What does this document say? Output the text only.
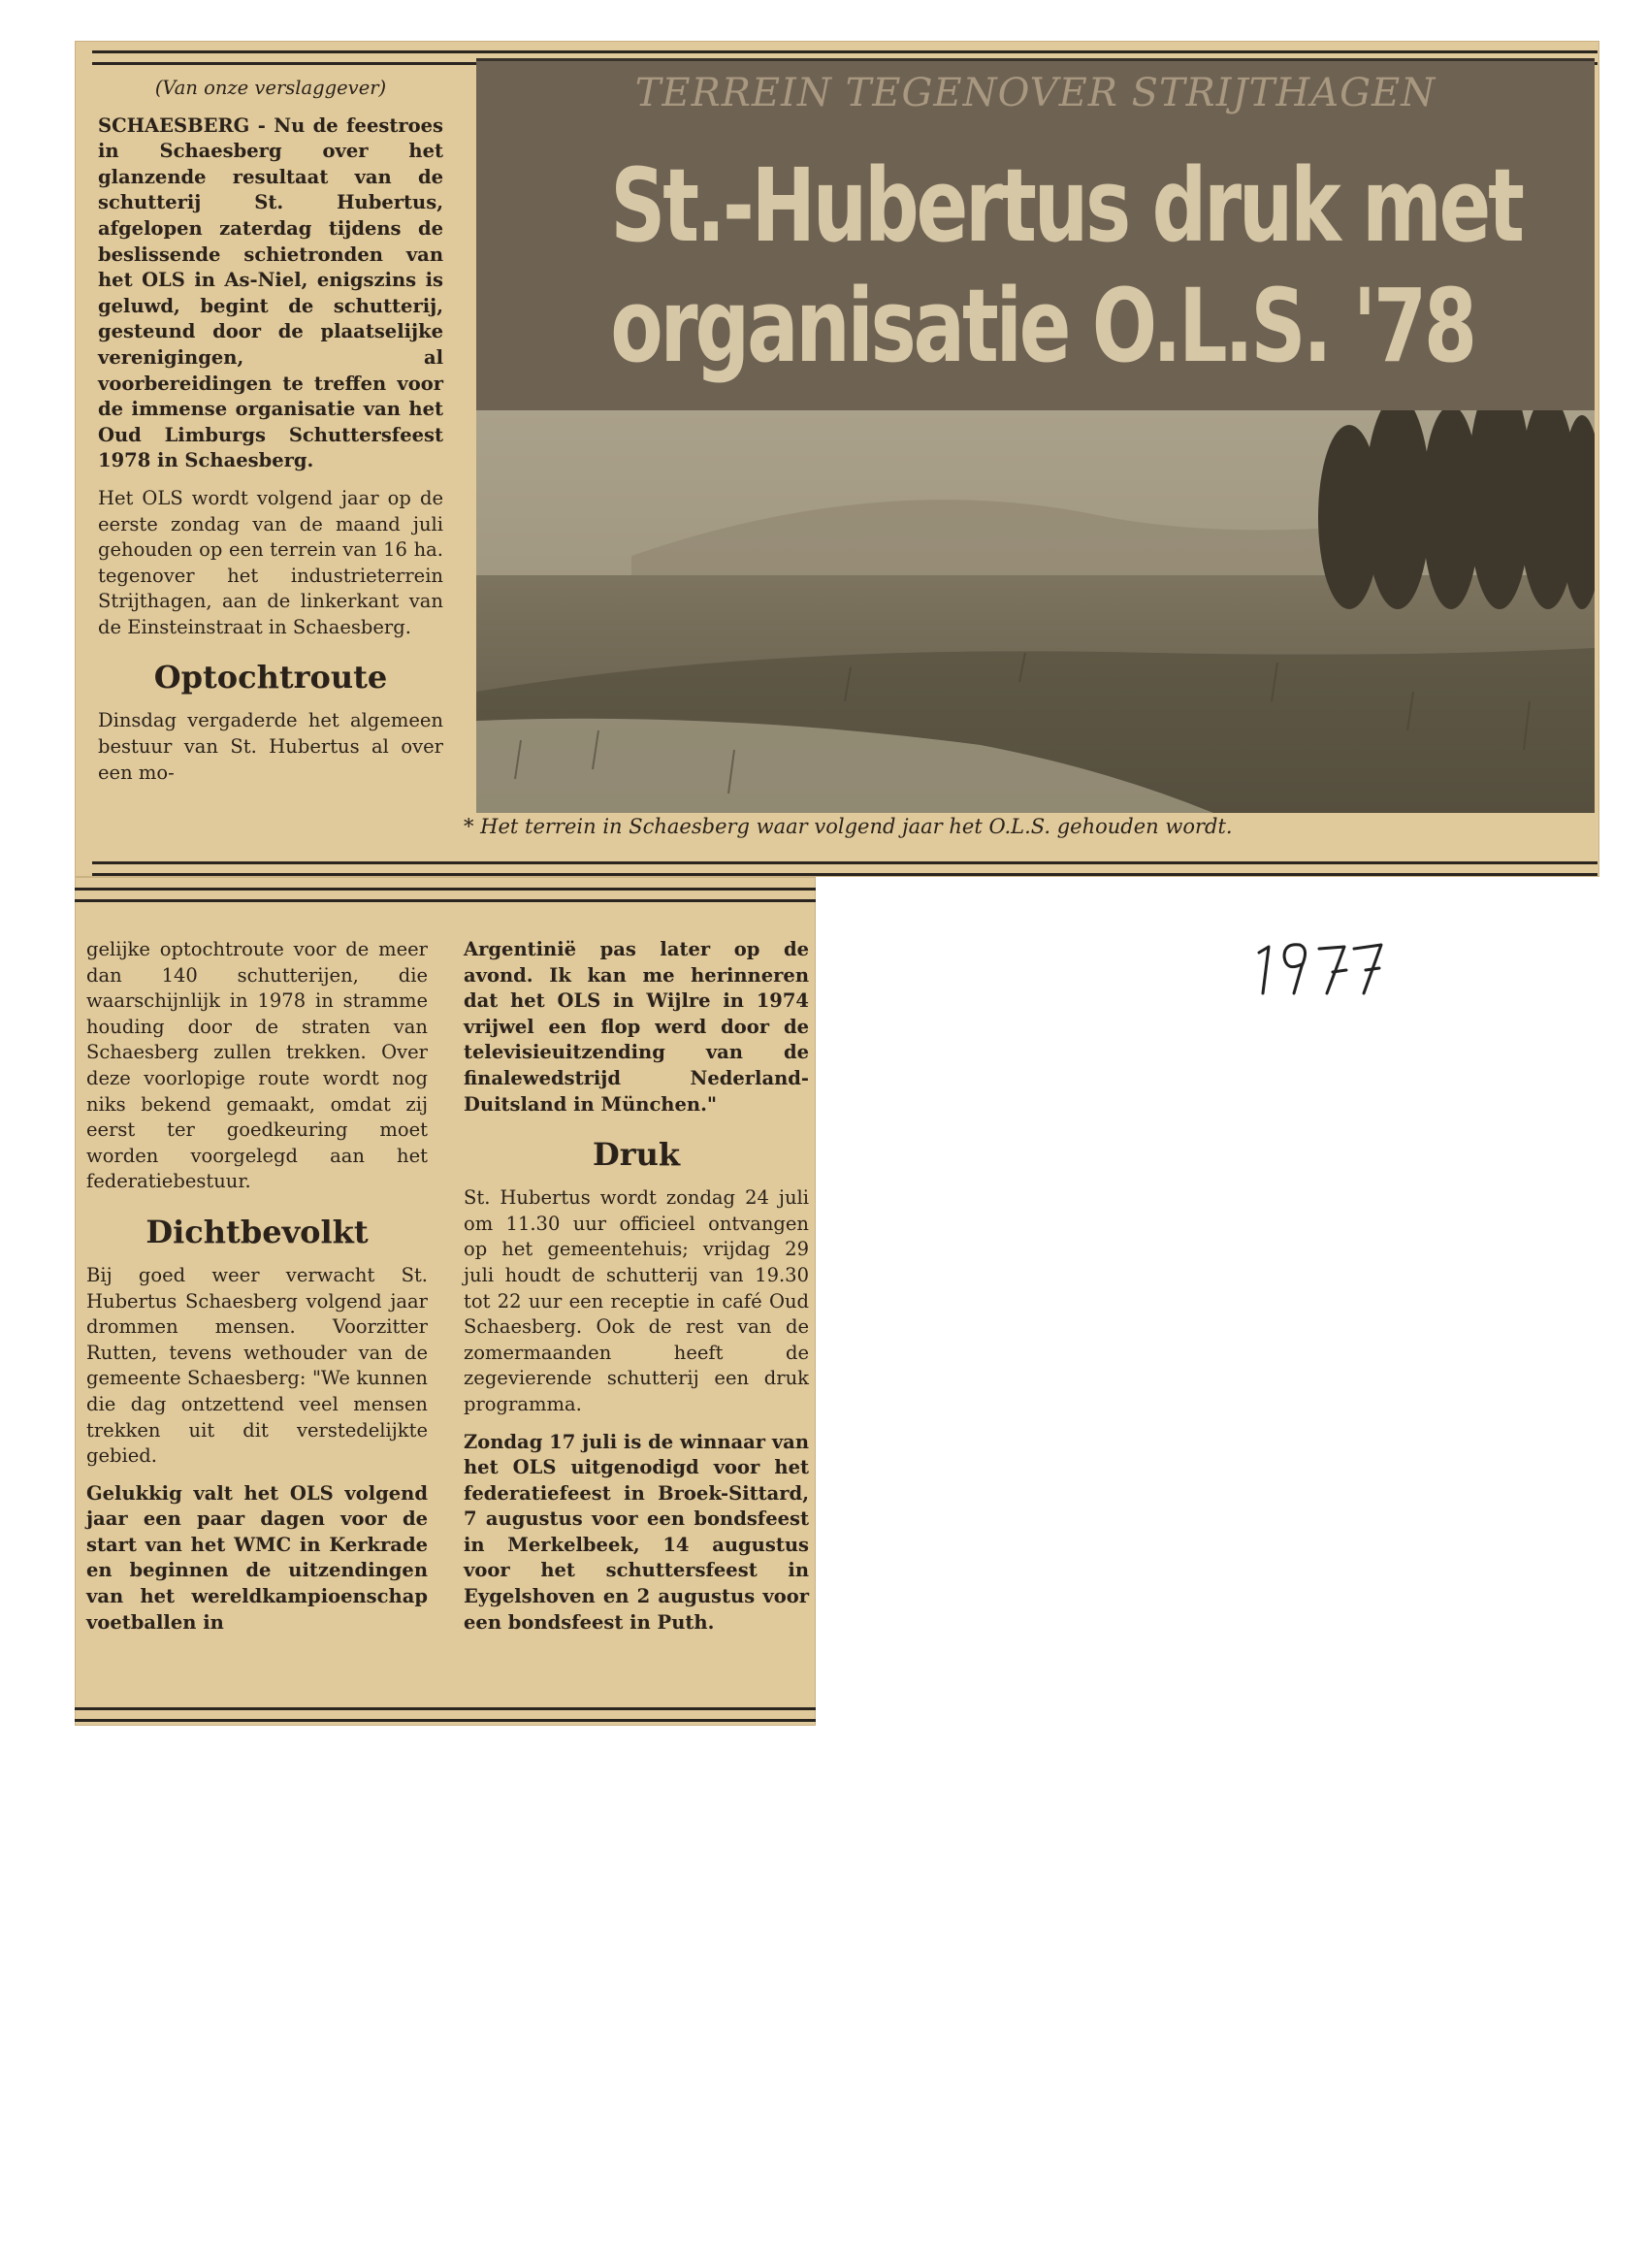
(Van onze verslaggever)

SCHAESBERG - Nu de feestroes in Schaesberg over het glanzende resultaat van de schutterij St. Hubertus, afgelopen zaterdag tijdens de beslissende schietronden van het OLS in As-Niel, enigszins is geluwd, begint de schutterij, gesteund door de plaatselijke verenigingen, al voorbereidingen te treffen voor de immense organisatie van het Oud Limburgs Schuttersfeest 1978 in Schaesberg.

Het OLS wordt volgend jaar op de eerste zondag van de maand juli gehouden op een terrein van 16 ha. tegenover het industrieterrein Strijthagen, aan de linkerkant van de Einsteinstraat in Schaesberg.

Optochtroute

Dinsdag vergaderde het algemeen bestuur van St. Hubertus al over een mo-

TERREIN TEGENOVER STRIJTHAGEN
St.-Hubertus druk met
organisatie O.L.S. '78
* Het terrein in Schaesberg waar volgend jaar het O.L.S. gehouden wordt.

gelijke optochtroute voor de meer dan 140 schutterijen, die waarschijnlijk in 1978 in stramme houding door de straten van Schaesberg zullen trekken. Over deze voorlopige route wordt nog niks bekend gemaakt, omdat zij eerst ter goedkeuring moet worden voorgelegd aan het federatiebestuur.

Dichtbevolkt

Bij goed weer verwacht St. Hubertus Schaesberg volgend jaar drommen mensen. Voorzitter Rutten, tevens wethouder van de gemeente Schaesberg: "We kunnen die dag ontzettend veel mensen trekken uit dit verstedelijkte gebied.

Gelukkig valt het OLS volgend jaar een paar dagen voor de start van het WMC in Kerkrade en beginnen de uitzendingen van het wereldkampioenschap voetballen in

Argentinië pas later op de avond. Ik kan me herinneren dat het OLS in Wijlre in 1974 vrijwel een flop werd door de televisieuitzending van de finalewedstrijd Nederland-Duitsland in München."

Druk

St. Hubertus wordt zondag 24 juli om 11.30 uur officieel ontvangen op het gemeentehuis; vrijdag 29 juli houdt de schutterij van 19.30 tot 22 uur een receptie in café Oud Schaesberg. Ook de rest van de zomermaanden heeft de zegevierende schutterij een druk programma.

Zondag 17 juli is de winnaar van het OLS uitgenodigd voor het federatiefeest in Broek-Sittard, 7 augustus voor een bondsfeest in Merkelbeek, 14 augustus voor het schuttersfeest in Eygelshoven en 2 augustus voor een bondsfeest in Puth.
